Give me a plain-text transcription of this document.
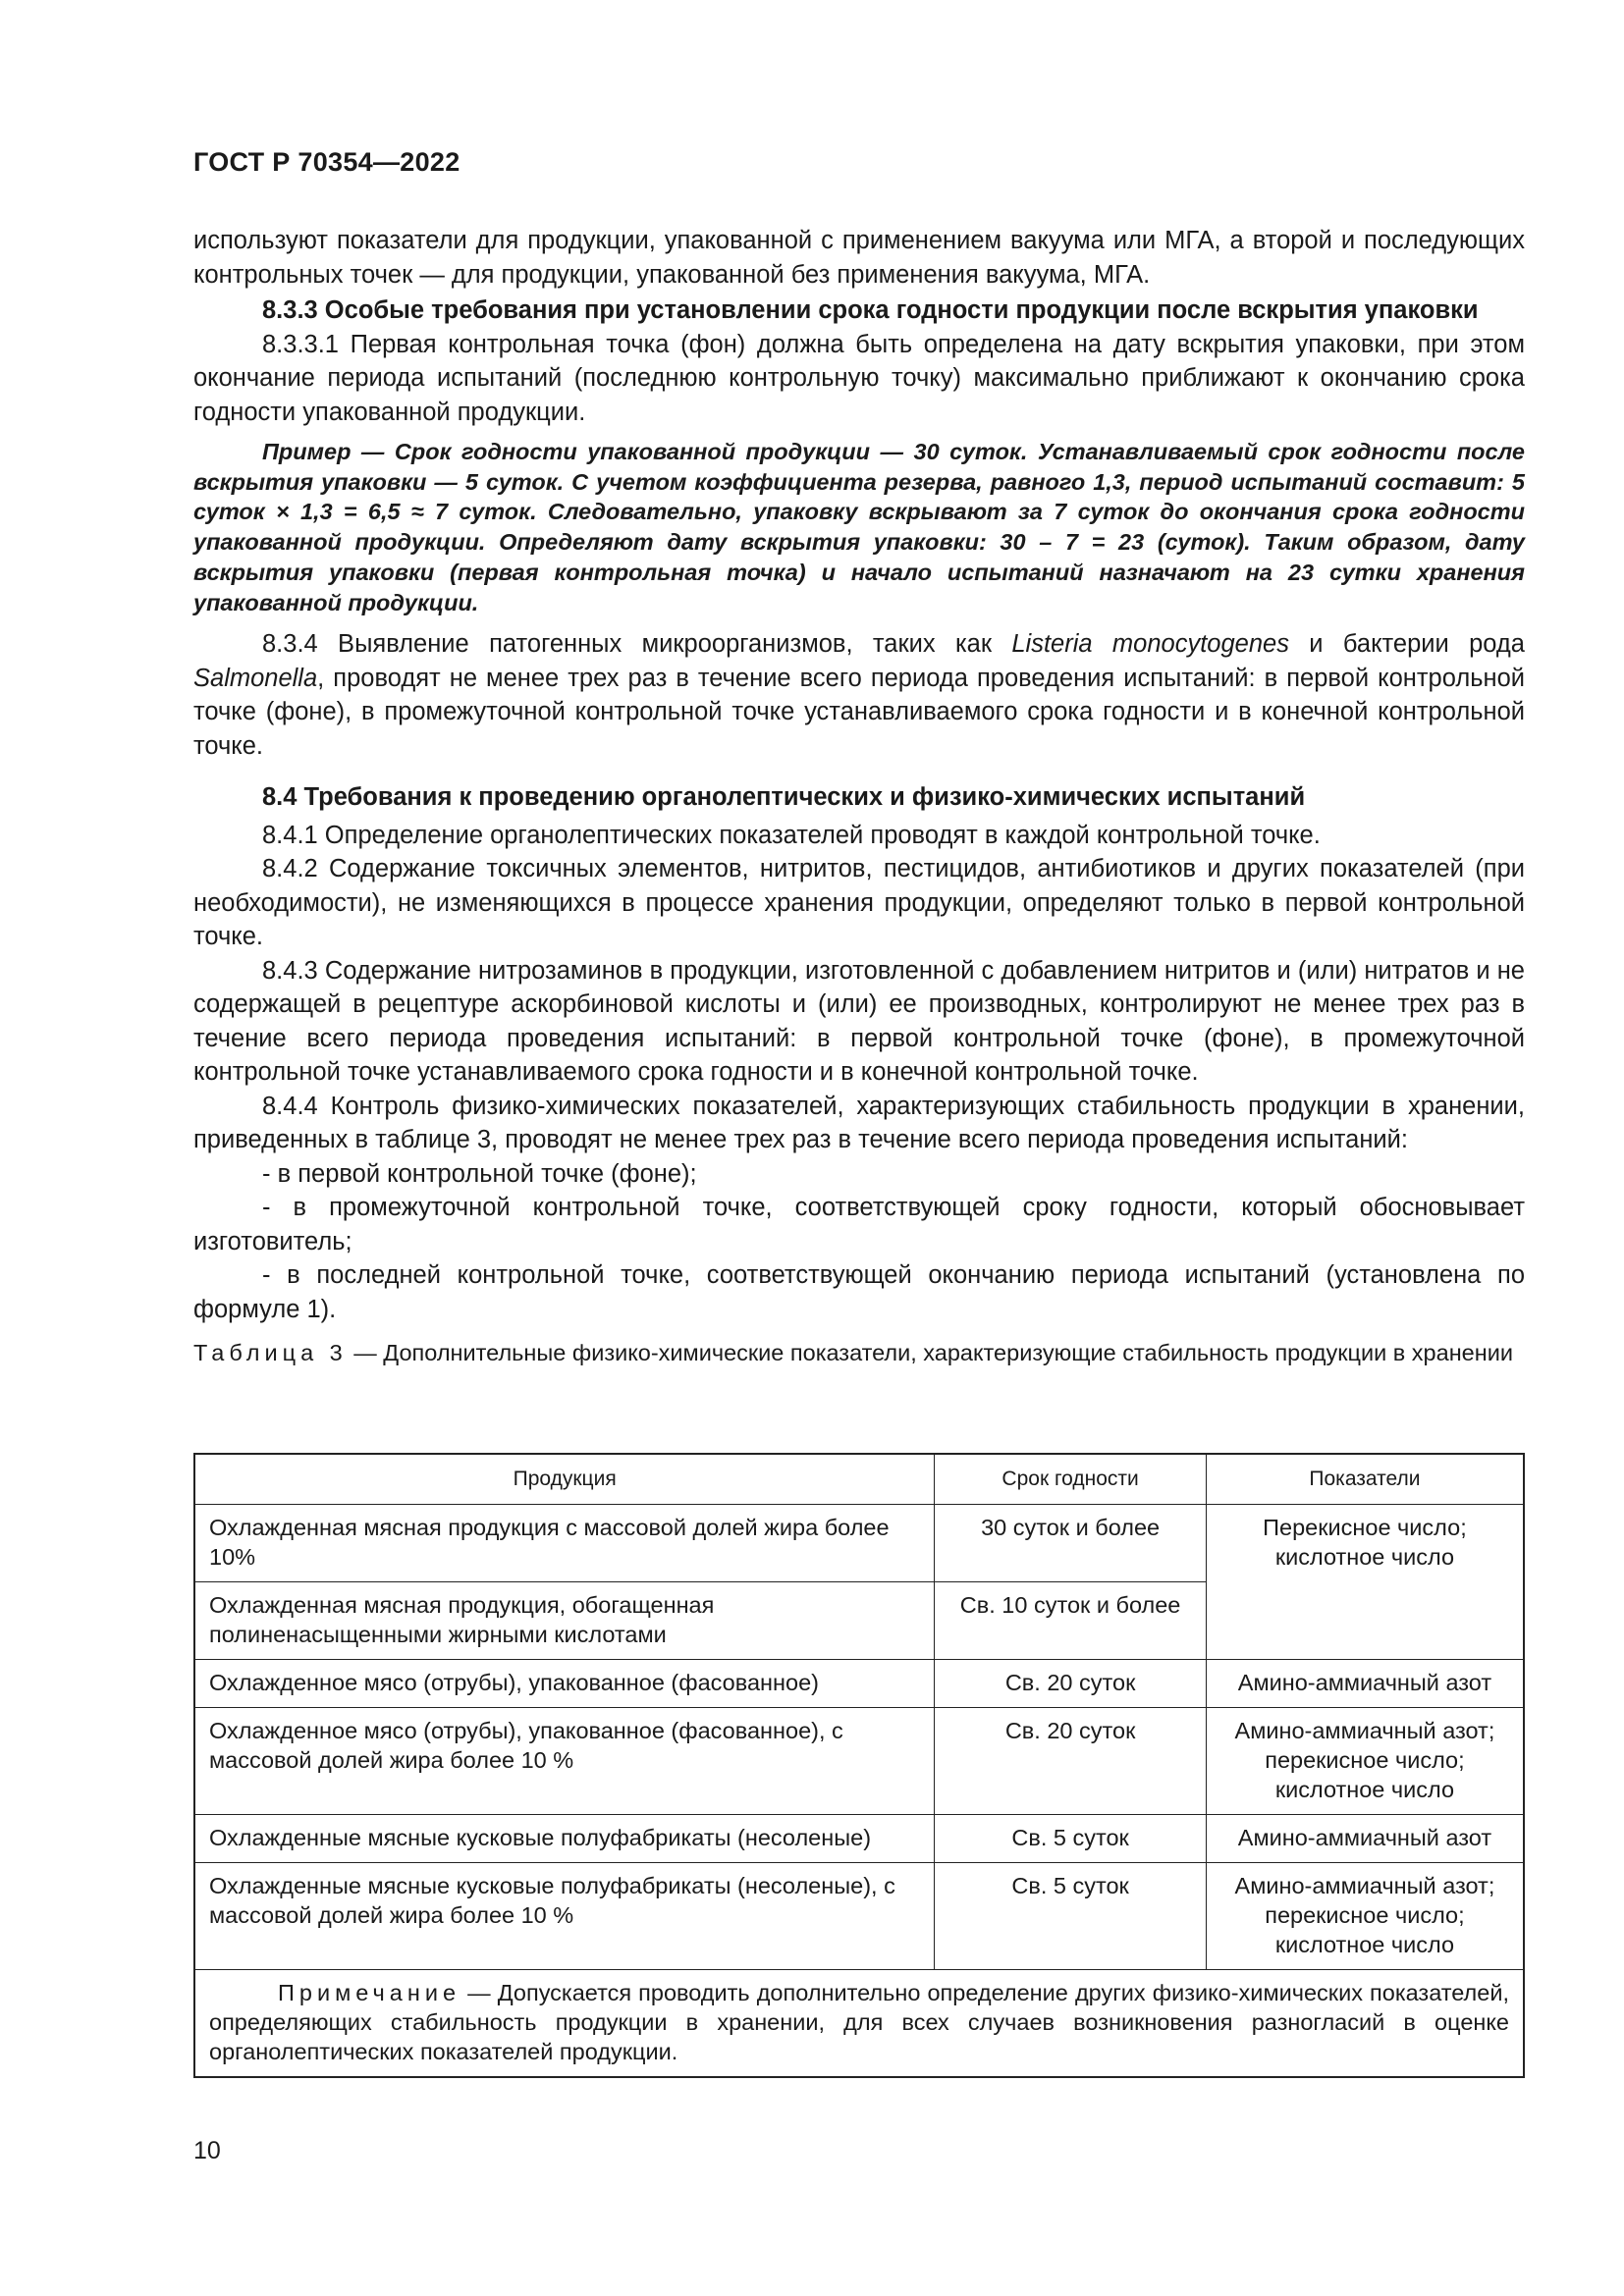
ГОСТ Р 70354—2022

используют показатели для продукции, упакованной с применением вакуума или МГА, а второй и последующих контрольных точек — для продукции, упакованной без применения вакуума, МГА.

8.3.3 Особые требования при установлении срока годности продукции после вскрытия упаковки

8.3.3.1 Первая контрольная точка (фон) должна быть определена на дату вскрытия упаковки, при этом окончание периода испытаний (последнюю контрольную точку) максимально приближают к окончанию срока годности упакованной продукции.

Пример — Срок годности упакованной продукции — 30 суток. Устанавливаемый срок годности после вскрытия упаковки — 5 суток. С учетом коэффициента резерва, равного 1,3, период испытаний составит: 5 суток × 1,3 = 6,5 ≈ 7 суток. Следовательно, упаковку вскрывают за 7 суток до окончания срока годности упакованной продукции. Определяют дату вскрытия упаковки: 30 – 7 = 23 (суток). Таким образом, дату вскрытия упаковки (первая контрольная точка) и начало испытаний назначают на 23 сутки хранения упакованной продукции.

8.3.4 Выявление патогенных микроорганизмов, таких как Listeria monocytogenes и бактерии рода Salmonella, проводят не менее трех раз в течение всего периода проведения испытаний: в первой контрольной точке (фоне), в промежуточной контрольной точке устанавливаемого срока годности и в конечной контрольной точке.

8.4 Требования к проведению органолептических и физико-химических испытаний

8.4.1 Определение органолептических показателей проводят в каждой контрольной точке.

8.4.2 Содержание токсичных элементов, нитритов, пестицидов, антибиотиков и других показателей (при необходимости), не изменяющихся в процессе хранения продукции, определяют только в первой контрольной точке.

8.4.3 Содержание нитрозаминов в продукции, изготовленной с добавлением нитритов и (или) нитратов и не содержащей в рецептуре аскорбиновой кислоты и (или) ее производных, контролируют не менее трех раз в течение всего периода проведения испытаний: в первой контрольной точке (фоне), в промежуточной контрольной точке устанавливаемого срока годности и в конечной контрольной точке.

8.4.4 Контроль физико-химических показателей, характеризующих стабильность продукции в хранении, приведенных в таблице 3, проводят не менее трех раз в течение всего периода проведения испытаний:

- в первой контрольной точке (фоне);

- в промежуточной контрольной точке, соответствующей сроку годности, который обосновывает изготовитель;

- в последней контрольной точке, соответствующей окончанию периода испытаний (установлена по формуле 1).

Таблица 3 — Дополнительные физико-химические показатели, характеризующие стабильность продукции в хранении

Продукция	Срок годности	Показатели
Охлажденная мясная продукция с массовой долей жира более 10%	30 суток и более	Перекисное число; кислотное число
Охлажденная мясная продукция, обогащенная полиненасыщенными жирными кислотами	Св. 10 суток и более	
Охлажденное мясо (отрубы), упакованное (фасованное)	Св. 20 суток	Амино-аммиачный азот
Охлажденное мясо (отрубы), упакованное (фасованное), с массовой долей жира более 10 %	Св. 20 суток	Амино-аммиачный азот; перекисное число; кислотное число
Охлажденные мясные кусковые полуфабрикаты (несоленые)	Св. 5 суток	Амино-аммиачный азот
Охлажденные мясные кусковые полуфабрикаты (несоленые), с массовой долей жира более 10 %	Св. 5 суток	Амино-аммиачный азот; перекисное число; кислотное число
Примечание — Допускается проводить дополнительно определение других физико-химических показателей, определяющих стабильность продукции в хранении, для всех случаев возникновения разногласий в оценке органолептических показателей продукции.		
10
